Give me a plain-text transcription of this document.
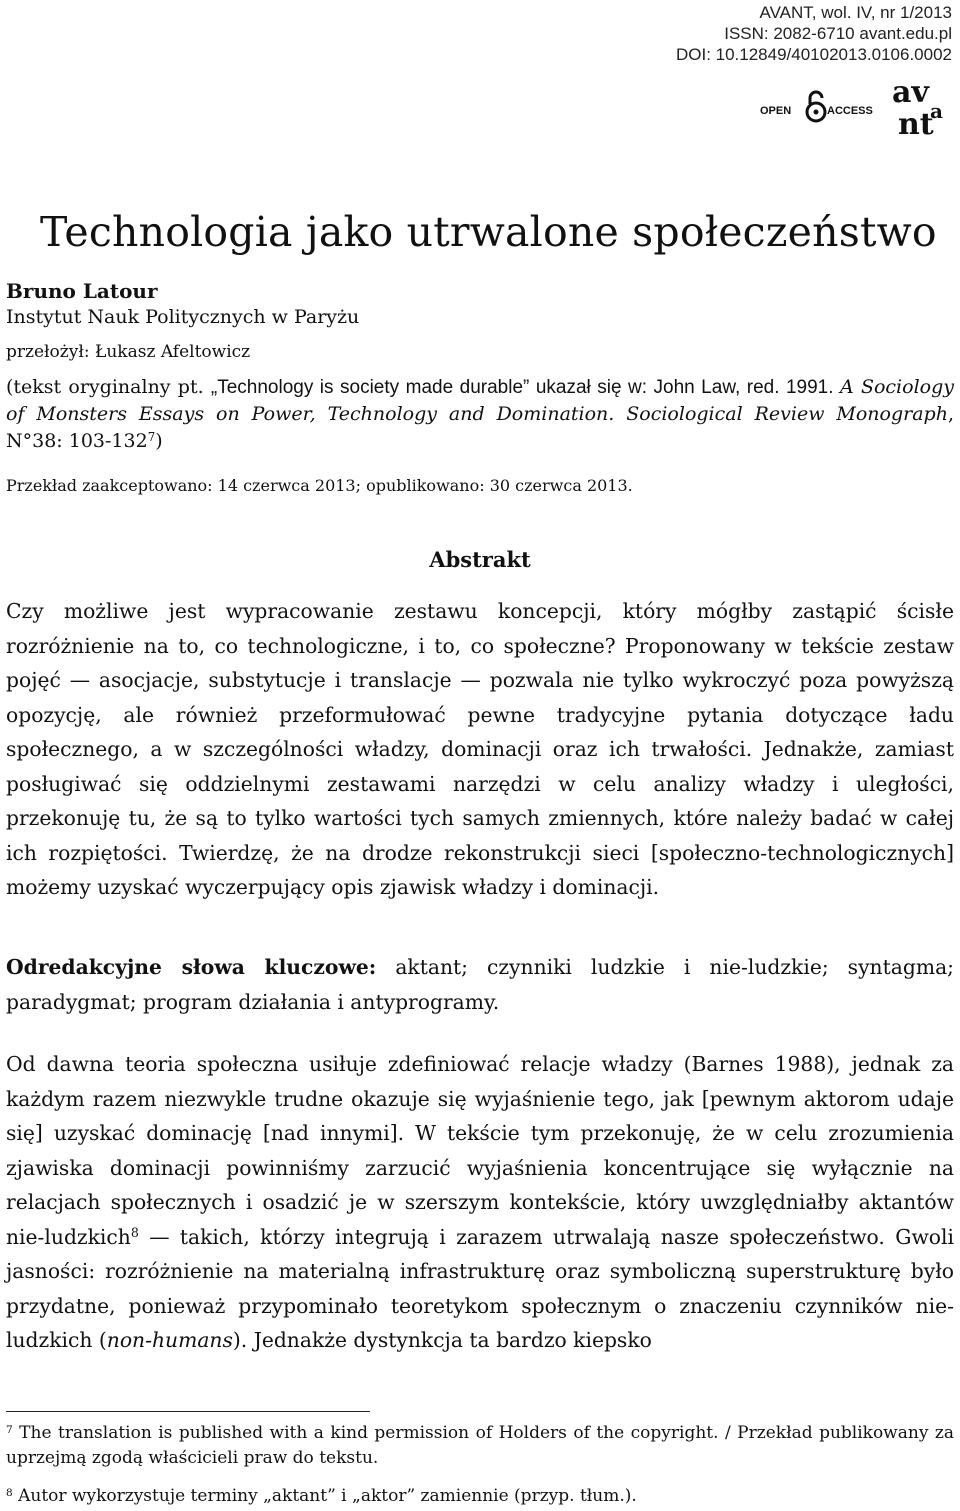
AVANT, wol. IV, nr 1/2013
ISSN: 2082-6710 avant.edu.pl
DOI: 10.12849/40102013.0106.0002
OPEN	ACCESS
av
nt
a
Technologia jako utrwalone społeczeństwo
Bruno Latour
Instytut Nauk Politycznych w Paryżu
przełożył: Łukasz Afeltowicz
(tekst oryginalny pt. „Technology is society made durable” ukazał się w: John Law, red. 1991. A Sociology of Monsters Essays on Power, Technology and Domination. Sociological Review Monograph, N°38: $103-132^7$)
Przekład zaakceptowano: 14 czerwca 2013; opublikowano: 30 czerwca 2013.
Abstrakt

Czy możliwe jest wypracowanie zestawu koncepcji, który mógłby zastąpić ścisłe rozróżnienie na to, co technologiczne, i to, co społeczne? Proponowany w tekście zestaw pojęć — asocjacje, substytucje i translacje — pozwala nie tylko wykroczyć poza powyższą opozycję, ale również przeformułować pewne tradycyjne pytania dotyczące ładu społecznego, a w szczególności władzy, dominacji oraz ich trwałości. Jednakże, zamiast posługiwać się oddzielnymi zestawami narzędzi w celu analizy władzy i uległości, przekonuję tu, że są to tylko wartości tych samych zmiennych, które należy badać w całej ich rozpiętości. Twierdzę, że na drodze rekonstrukcji sieci [społeczno-technologicznych] możemy uzyskać wyczerpujący opis zjawisk władzy i dominacji.

Odredakcyjne słowa kluczowe: aktant; czynniki ludzkie i nie-ludzkie; syntagma; paradygmat; program działania i antyprogramy.

Od dawna teoria społeczna usiłuje zdefiniować relacje władzy (Barnes 1988), jednak za każdym razem niezwykle trudne okazuje się wyjaśnienie tego, jak [pewnym aktorom udaje się] uzyskać dominację [nad innymi]. W tekście tym przekonuję, że w celu zrozumienia zjawiska dominacji powinniśmy zarzucić wyjaśnienia koncentrujące się wyłącznie na relacjach społecznych i osadzić je w szerszym kontekście, który uwzględniałby aktantów nie-ludzkich$^8$ — takich, którzy integrują i zarazem utrwalają nasze społeczeństwo. Gwoli jasności: rozróżnienie na materialną infrastrukturę oraz symboliczną superstrukturę było przydatne, ponieważ przypominało teoretykom społecznym o znaczeniu czynników nie-ludzkich (non-humans). Jednakże dystynkcja ta bardzo kiepsko

$^7$ The translation is published with a kind permission of Holders of the copyright. / Przekład publikowany za uprzejmą zgodą właścicieli praw do tekstu.
$^8$ Autor wykorzystuje terminy „aktant” i „aktor” zamiennie (przyp. tłum.).
